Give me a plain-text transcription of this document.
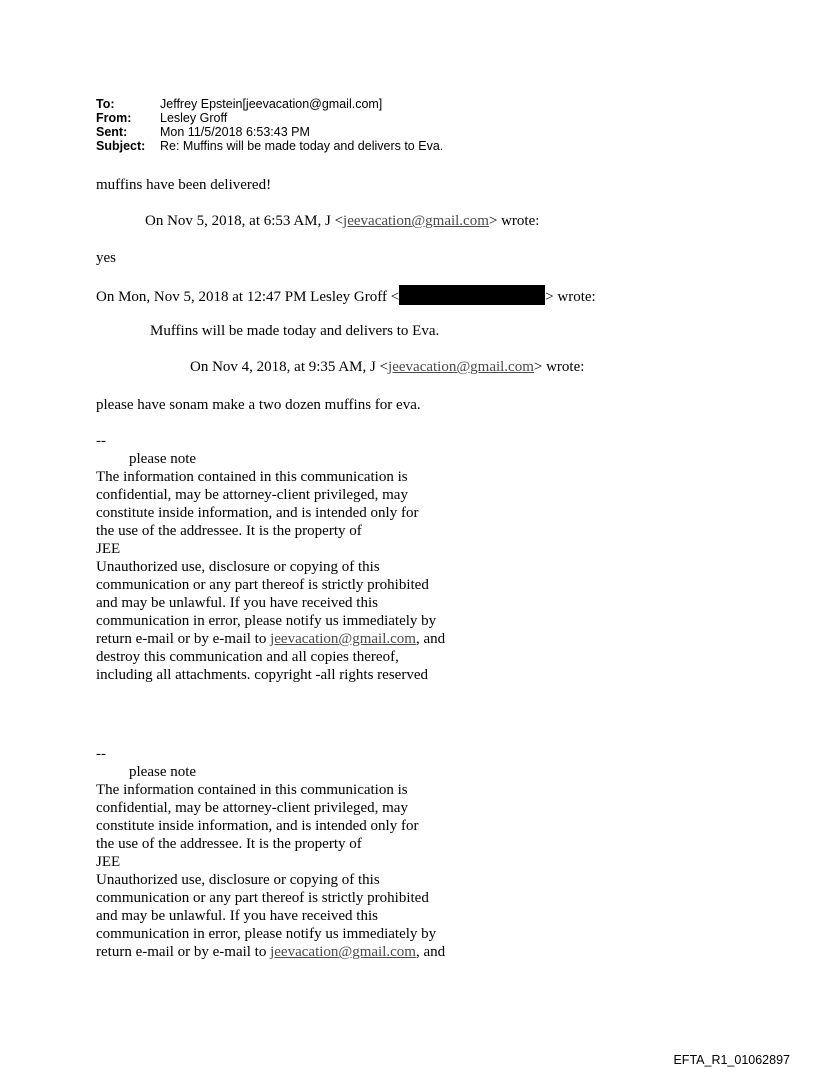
To:	Jeffrey Epstein[jeevacation@gmail.com]
From:	Lesley Groff
Sent:	Mon 11/5/2018 6:53:43 PM
Subject:	Re: Muffins will be made today and delivers to Eva.
muffins have been delivered!
On Nov 5, 2018, at 6:53 AM, J <jeevacation@gmail.com> wrote:
yes
On Mon, Nov 5, 2018 at 12:47 PM Lesley Groff <	> wrote:
Muffins will be made today and delivers to Eva.
On Nov 4, 2018, at 9:35 AM, J <jeevacation@gmail.com> wrote:
please have sonam make a two dozen muffins for eva.
--
please note
The information contained in this communication is
confidential, may be attorney-client privileged, may
constitute inside information, and is intended only for
the use of the addressee. It is the property of
JEE
Unauthorized use, disclosure or copying of this
communication or any part thereof is strictly prohibited
and may be unlawful. If you have received this
communication in error, please notify us immediately by
return e-mail or by e-mail to jeevacation@gmail.com, and
destroy this communication and all copies thereof,
including all attachments. copyright -all rights reserved
--
please note
The information contained in this communication is
confidential, may be attorney-client privileged, may
constitute inside information, and is intended only for
the use of the addressee. It is the property of
JEE
Unauthorized use, disclosure or copying of this
communication or any part thereof is strictly prohibited
and may be unlawful. If you have received this
communication in error, please notify us immediately by
return e-mail or by e-mail to jeevacation@gmail.com, and
EFTA_R1_01062897
